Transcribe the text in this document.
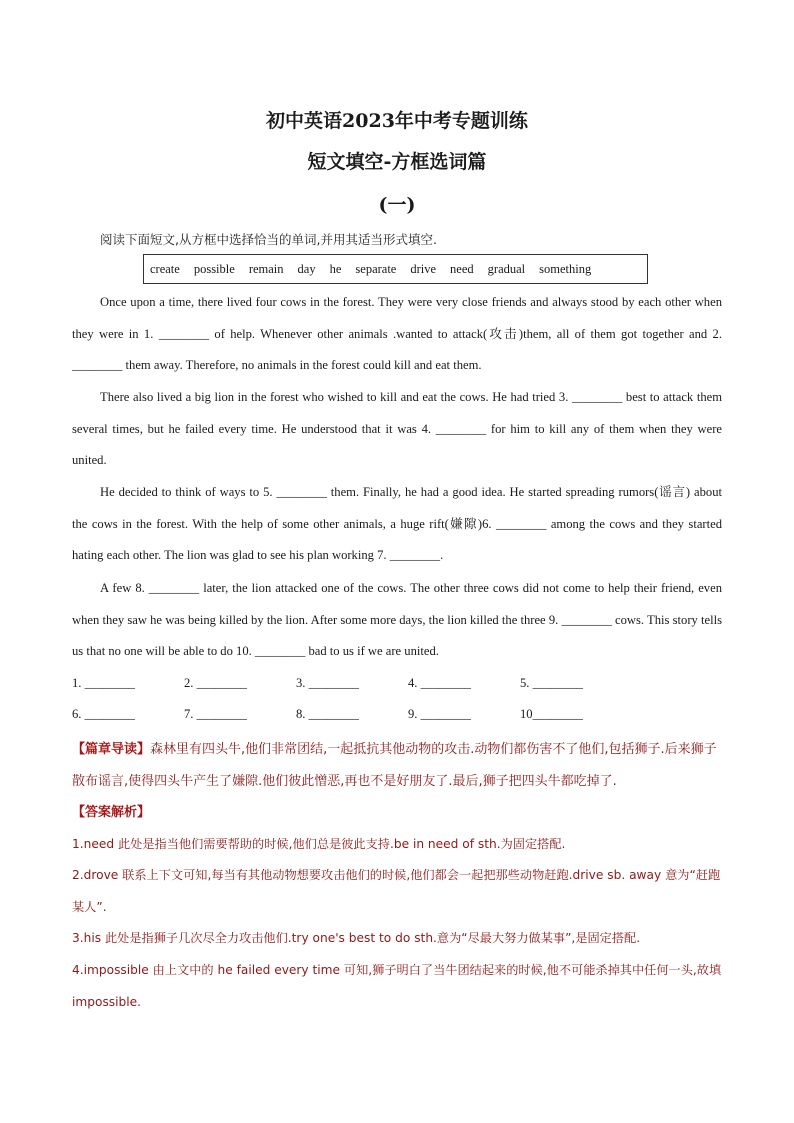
初中英语2023年中考专题训练
短文填空-方框选词篇
(一)
阅读下面短文,从方框中选择恰当的单词,并用其适当形式填空.
create possible remain day he separate drive need gradual something

Once upon a time, there lived four cows in the forest. They were very close friends and always stood by each other when they were in 1. ________ of help. Whenever other animals .wanted to attack(攻击)them, all of them got together and 2. ________ them away. Therefore, no animals in the forest could kill and eat them.

There also lived a big lion in the forest who wished to kill and eat the cows. He had tried 3. ________ best to attack them several times, but he failed every time. He understood that it was 4. ________ for him to kill any of them when they were united.

He decided to think of ways to 5. ________ them. Finally, he had a good idea. He started spreading rumors(谣言) about the cows in the forest. With the help of some other animals, a huge rift(嫌隙)6. ________ among the cows and they started hating each other. The lion was glad to see his plan working 7. ________.

A few 8. ________ later, the lion attacked one of the cows. The other three cows did not come to help their friend, even when they saw he was being killed by the lion. After some more days, the lion killed the three 9. ________ cows. This story tells us that no one will be able to do 10. ________ bad to us if we are united.

1. ________	2. ________	3. ________	4. ________	5. ________
6. ________	7. ________	8. ________	9. ________	10________

【篇章导读】森林里有四头牛,他们非常团结,一起抵抗其他动物的攻击.动物们都伤害不了他们,包括狮子.后来狮子散布谣言,使得四头牛产生了嫌隙.他们彼此憎恶,再也不是好朋友了.最后,狮子把四头牛都吃掉了.

【答案解析】

1.need 此处是指当他们需要帮助的时候,他们总是彼此支持.be in need of sth.为固定搭配.

2.drove 联系上下文可知,每当有其他动物想要攻击他们的时候,他们都会一起把那些动物赶跑.drive sb. away 意为“赶跑某人”.

3.his 此处是指狮子几次尽全力攻击他们.try one's best to do sth.意为“尽最大努力做某事”,是固定搭配.

4.impossible 由上文中的 he failed every time 可知,狮子明白了当牛团结起来的时候,他不可能杀掉其中任何一头,故填 impossible.
